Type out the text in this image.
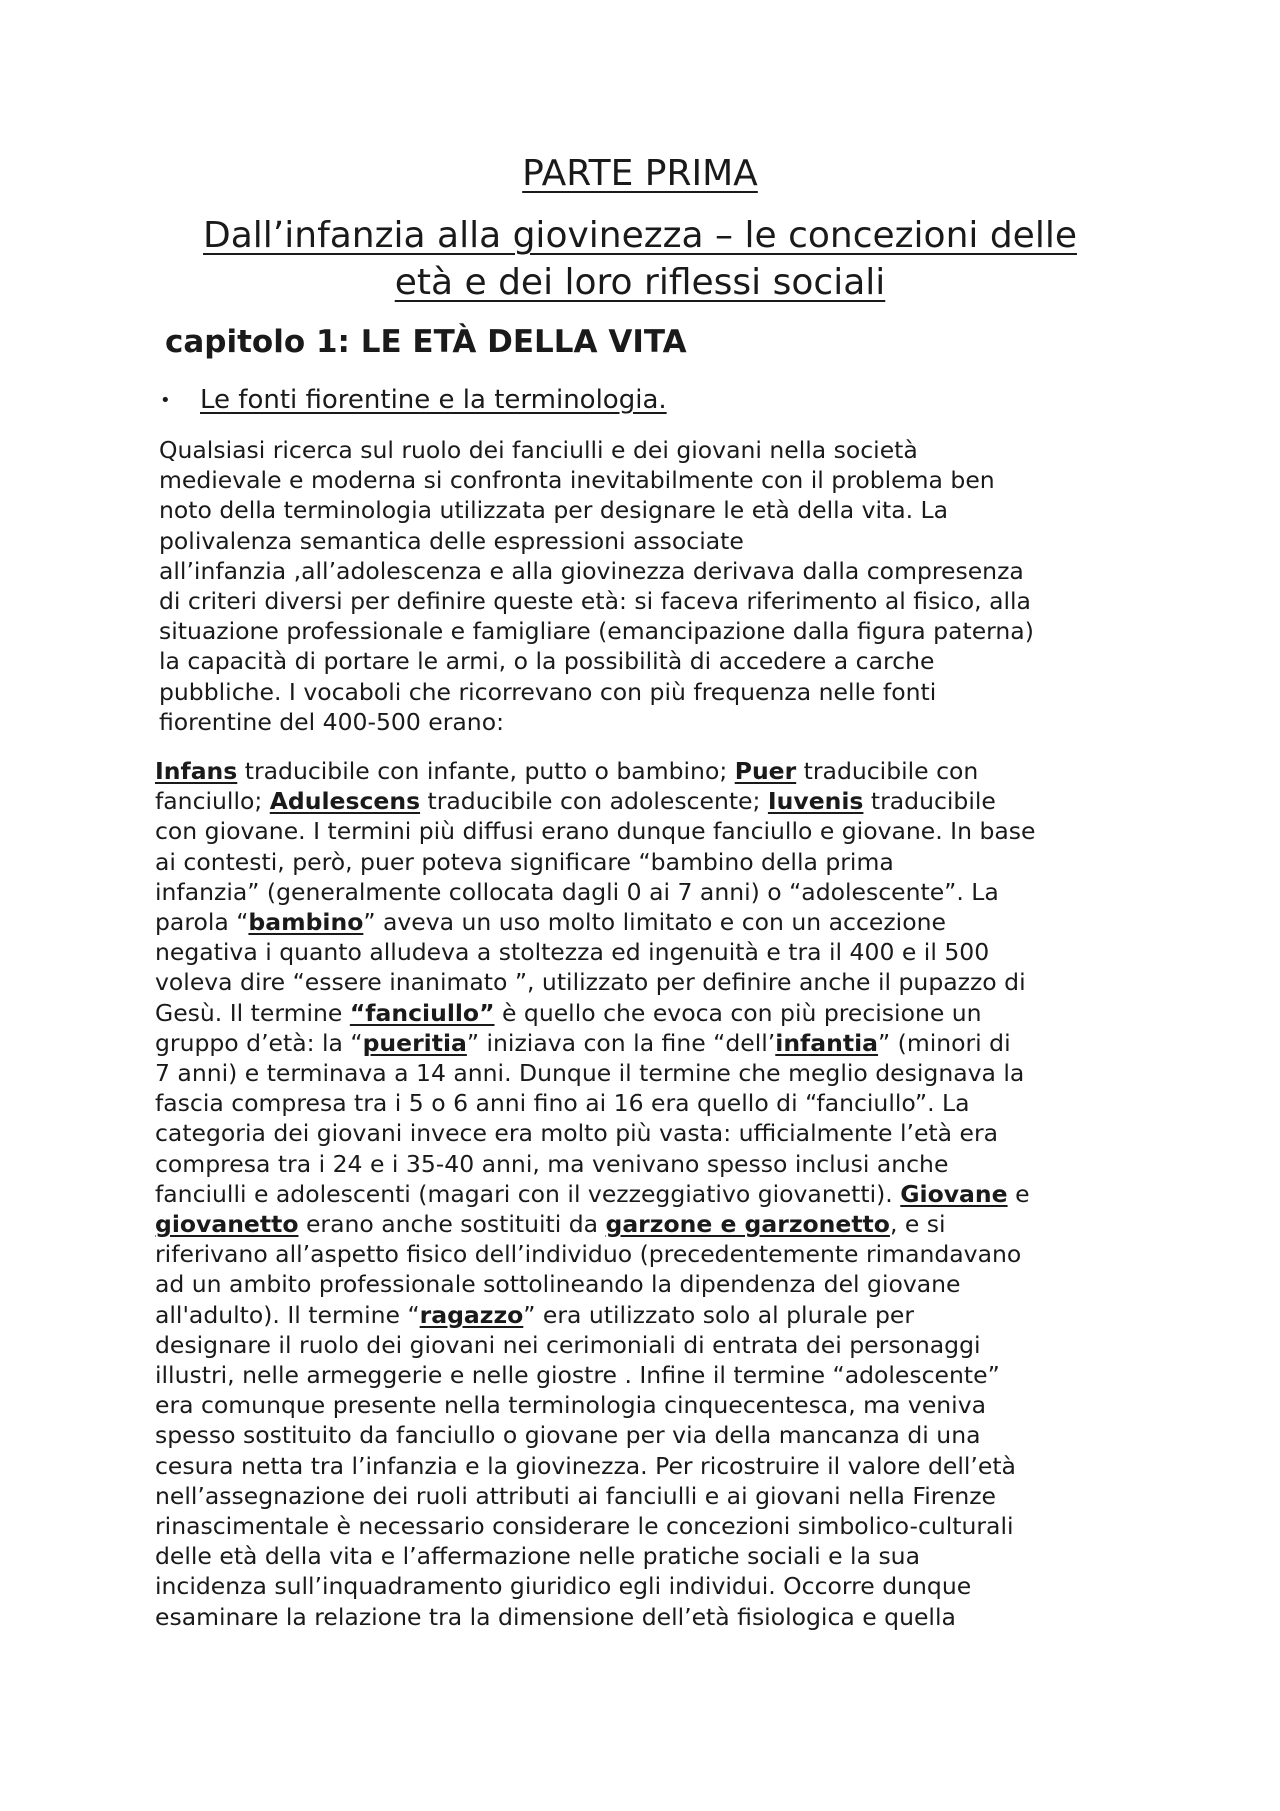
PARTE PRIMA
Dall’infanzia alla giovinezza – le concezioni delle
età e dei loro riflessi sociali
capitolo 1: LE ETÀ DELLA VITA
• Le fonti fiorentine e la terminologia.

Qualsiasi ricerca sul ruolo dei fanciulli e dei giovani nella società
medievale e moderna si confronta inevitabilmente con il problema ben
noto della terminologia utilizzata per designare le età della vita. La
polivalenza semantica delle espressioni associate
all’infanzia ,all’adolescenza e alla giovinezza derivava dalla compresenza
di criteri diversi per definire queste età: si faceva riferimento al fisico, alla
situazione professionale e famigliare (emancipazione dalla figura paterna)
la capacità di portare le armi, o la possibilità di accedere a carche
pubbliche. I vocaboli che ricorrevano con più frequenza nelle fonti
fiorentine del 400-500 erano:

Infans traducibile con infante, putto o bambino; Puer traducibile con
fanciullo; Adulescens traducibile con adolescente; Iuvenis traducibile
con giovane. I termini più diffusi erano dunque fanciullo e giovane. In base
ai contesti, però, puer poteva significare “bambino della prima
infanzia” (generalmente collocata dagli 0 ai 7 anni) o “adolescente”. La
parola “bambino” aveva un uso molto limitato e con un accezione
negativa i quanto alludeva a stoltezza ed ingenuità e tra il 400 e il 500
voleva dire “essere inanimato ”, utilizzato per definire anche il pupazzo di
Gesù. Il termine “fanciullo” è quello che evoca con più precisione un
gruppo d’età: la “pueritia” iniziava con la fine “dell’infantia” (minori di
7 anni) e terminava a 14 anni. Dunque il termine che meglio designava la
fascia compresa tra i 5 o 6 anni fino ai 16 era quello di “fanciullo”. La
categoria dei giovani invece era molto più vasta: ufficialmente l’età era
compresa tra i 24 e i 35-40 anni, ma venivano spesso inclusi anche
fanciulli e adolescenti (magari con il vezzeggiativo giovanetti). Giovane e
giovanetto erano anche sostituiti da garzone e garzonetto, e si
riferivano all’aspetto fisico dell’individuo (precedentemente rimandavano
ad un ambito professionale sottolineando la dipendenza del giovane
all'adulto). Il termine “ragazzo” era utilizzato solo al plurale per
designare il ruolo dei giovani nei cerimoniali di entrata dei personaggi
illustri, nelle armeggerie e nelle giostre . Infine il termine “adolescente”
era comunque presente nella terminologia cinquecentesca, ma veniva
spesso sostituito da fanciullo o giovane per via della mancanza di una
cesura netta tra l’infanzia e la giovinezza. Per ricostruire il valore dell’età
nell’assegnazione dei ruoli attributi ai fanciulli e ai giovani nella Firenze
rinascimentale è necessario considerare le concezioni simbolico-culturali
delle età della vita e l’affermazione nelle pratiche sociali e la sua
incidenza sull’inquadramento giuridico egli individui. Occorre dunque
esaminare la relazione tra la dimensione dell’età fisiologica e quella
